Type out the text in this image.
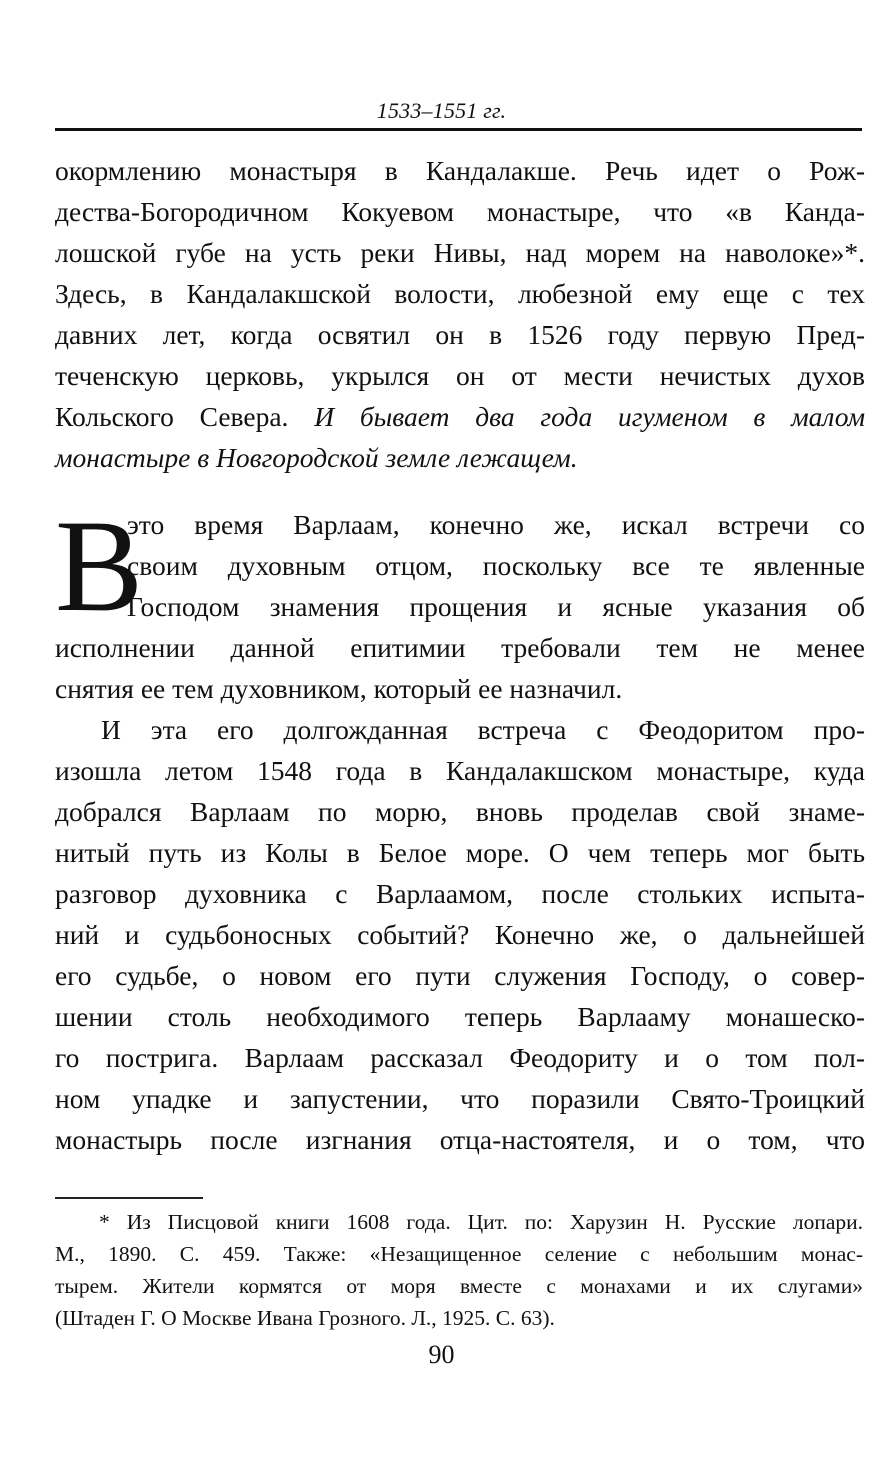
1533–1551 гг.
окормлению монастыря в Кандалакше. Речь идет о Рож-
дества-Богородичном Кокуевом монастыре, что «в Канда-
лошской губе на усть реки Нивы, над морем на наволоке»*.
Здесь, в Кандалакшской волости, любезной ему еще с тех
давних лет, когда освятил он в 1526 году первую Пред-
теченскую церковь, укрылся он от мести нечистых духов
Кольского Севера. И бывает два года игуменом в малом
монастыре в Новгородской земле лежащем.
В
это время Варлаам, конечно же, искал встречи со
своим духовным отцом, поскольку все те явленные
Господом знамения прощения и ясные указания об
исполнении данной епитимии требовали тем не менее
снятия ее тем духовником, который ее назначил.
И эта его долгожданная встреча с Феодоритом про-
изошла летом 1548 года в Кандалакшском монастыре, куда
добрался Варлаам по морю, вновь проделав свой знаме-
нитый путь из Колы в Белое море. О чем теперь мог быть
разговор духовника с Варлаамом, после стольких испыта-
ний и судьбоносных событий? Конечно же, о дальнейшей
его судьбе, о новом его пути служения Господу, о совер-
шении столь необходимого теперь Варлааму монашеско-
го пострига. Варлаам рассказал Феодориту и о том пол-
ном упадке и запустении, что поразили Свято-Троицкий
монастырь после изгнания отца-настоятеля, и о том, что
* Из Писцовой книги 1608 года. Цит. по: Харузин Н. Русские лопари.
М., 1890. С. 459. Также: «Незащищенное селение с небольшим монас-
тырем. Жители кормятся от моря вместе с монахами и их слугами»
(Штаден Г. О Москве Ивана Грозного. Л., 1925. С. 63).
90
